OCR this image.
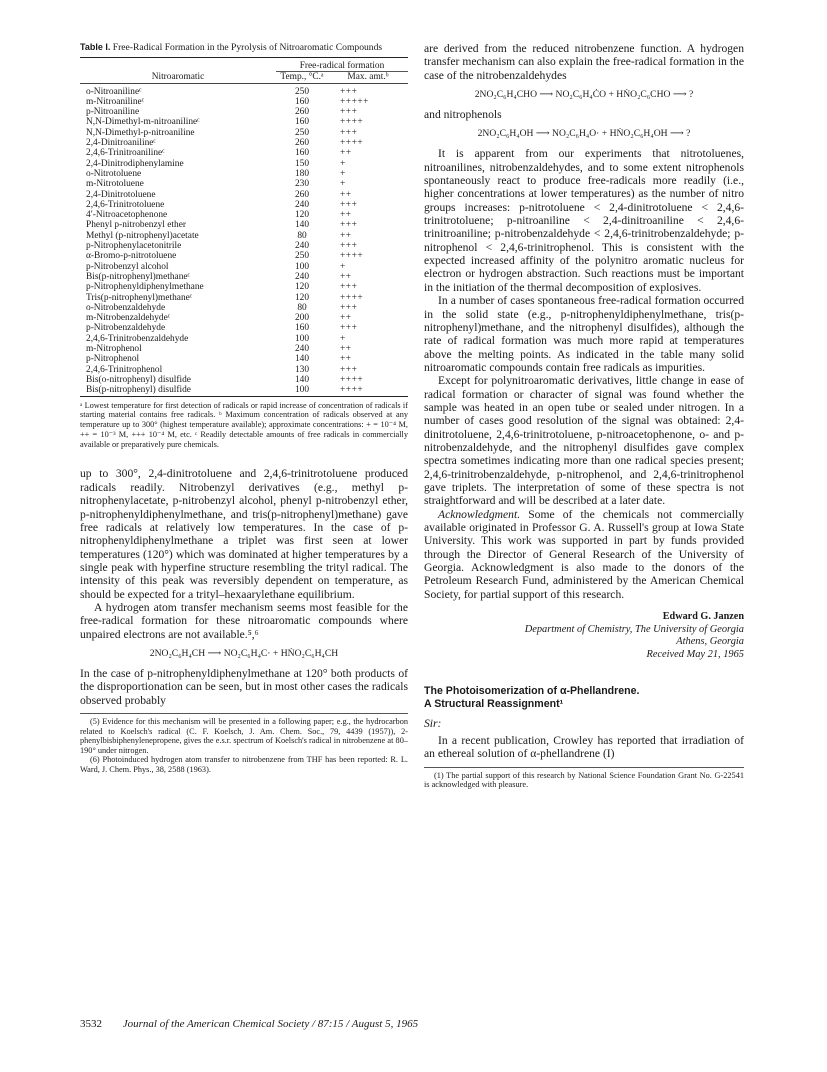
Table I. Free-Radical Formation in the Pyrolysis of Nitroaromatic Compounds

	Free-radical formation	
Nitroaromatic	Temp., °C.ᵃ	Max. amt.ᵇ

o-Nitroanilineᶜ	250	+++
m-Nitroanilineᶜ	160	+++++
p-Nitroaniline	260	+++
N,N-Dimethyl-m-nitroanilineᶜ	160	++++
N,N-Dimethyl-p-nitroaniline	250	+++
2,4-Dinitroanilineᶜ	260	++++
2,4,6-Trinitroanilineᶜ	160	++
2,4-Dinitrodiphenylamine	150	+
o-Nitrotoluene	180	+
m-Nitrotoluene	230	+
2,4-Dinitrotoluene	260	++
2,4,6-Trinitrotoluene	240	+++
4′-Nitroacetophenone	120	++
Phenyl p-nitrobenzyl ether	140	+++
Methyl (p-nitrophenyl)acetate	80	++
p-Nitrophenylacetonitrile	240	+++
α-Bromo-p-nitrotoluene	250	++++
p-Nitrobenzyl alcohol	100	+
Bis(p-nitrophenyl)methaneᶜ	240	++
p-Nitrophenyldiphenylmethane	120	+++
Tris(p-nitrophenyl)methaneᶜ	120	++++
o-Nitrobenzaldehyde	80	+++
m-Nitrobenzaldehydeᶜ	200	++
p-Nitrobenzaldehyde	160	+++
2,4,6-Trinitrobenzaldehyde	100	+
m-Nitrophenol	240	++
p-Nitrophenol	140	++
2,4,6-Trinitrophenol	130	+++
Bis(o-nitrophenyl) disulfide	140	++++
Bis(p-nitrophenyl) disulfide	100	++++

ᵃ Lowest temperature for first detection of radicals or rapid increase of concentration of radicals if starting material contains free radicals. ᵇ Maximum concentration of radicals observed at any temperature up to 300° (highest temperature available); approximate concentrations: + = 10⁻⁴ M, ++ = 10⁻³ M, +++ 10⁻⁴ M, etc. ᶜ Readily detectable amounts of free radicals in commercially available or preparatively pure chemicals.

up to 300°, 2,4-dinitrotoluene and 2,4,6-trinitrotoluene produced radicals readily. Nitrobenzyl derivatives (e.g., methyl p-nitrophenylacetate, p-nitrobenzyl alcohol, phenyl p-nitrobenzyl ether, p-nitrophenyldiphenylmethane, and tris(p-nitrophenyl)methane) gave free radicals at relatively low temperatures. In the case of p-nitrophenyldiphenylmethane a triplet was first seen at lower temperatures (120°) which was dominated at higher temperatures by a single peak with hyperfine structure resembling the trityl radical. The intensity of this peak was reversibly dependent on temperature, as should be expected for a trityl–hexaarylethane equilibrium.

A hydrogen atom transfer mechanism seems most feasible for the free-radical formation for these nitroaromatic compounds where unpaired electrons are not available.⁵,⁶

2NO₂C₆H₄CH ⟶ NO₂C₆H₄C· + HṄO₂C₆H₄CH

In the case of p-nitrophenyldiphenylmethane at 120° both products of the disproportionation can be seen, but in most other cases the radicals observed probably

(5) Evidence for this mechanism will be presented in a following paper; e.g., the hydrocarbon related to Koelsch's radical (C. F. Koelsch, J. Am. Chem. Soc., 79, 4439 (1957)), 2-phenylbisbiphenylenepropene, gives the e.s.r. spectrum of Koelsch's radical in nitrobenzene at 80–190° under nitrogen.

(6) Photoinduced hydrogen atom transfer to nitrobenzene from THF has been reported: R. L. Ward, J. Chem. Phys., 38, 2588 (1963).

are derived from the reduced nitrobenzene function. A hydrogen transfer mechanism can also explain the free-radical formation in the case of the nitrobenzaldehydes

2NO₂C₆H₄CHO ⟶ NO₂C₆H₄ĊO + HṄO₂C₆CHO ⟶ ?

and nitrophenols

2NO₂C₆H₄OH ⟶ NO₂C₆H₄O· + HṄO₂C₆H₄OH ⟶ ?

It is apparent from our experiments that nitrotoluenes, nitroanilines, nitrobenzaldehydes, and to some extent nitrophenols spontaneously react to produce free-radicals more readily (i.e., higher concentrations at lower temperatures) as the number of nitro groups increases: p-nitrotoluene < 2,4-dinitrotoluene < 2,4,6-trinitrotoluene; p-nitroaniline < 2,4-dinitroaniline < 2,4,6-trinitroaniline; p-nitrobenzaldehyde < 2,4,6-trinitrobenzaldehyde; p-nitrophenol < 2,4,6-trinitrophenol. This is consistent with the expected increased affinity of the polynitro aromatic nucleus for electron or hydrogen abstraction. Such reactions must be important in the initiation of the thermal decomposition of explosives.

In a number of cases spontaneous free-radical formation occurred in the solid state (e.g., p-nitrophenyldiphenylmethane, tris(p-nitrophenyl)methane, and the nitrophenyl disulfides), although the rate of radical formation was much more rapid at temperatures above the melting points. As indicated in the table many solid nitroaromatic compounds contain free radicals as impurities.

Except for polynitroaromatic derivatives, little change in ease of radical formation or character of signal was found whether the sample was heated in an open tube or sealed under nitrogen. In a number of cases good resolution of the signal was obtained: 2,4-dinitrotoluene, 2,4,6-trinitrotoluene, p-nitroacetophenone, o- and p-nitrobenzaldehyde, and the nitrophenyl disulfides gave complex spectra sometimes indicating more than one radical species present; 2,4,6-trinitrobenzaldehyde, p-nitrophenol, and 2,4,6-trinitrophenol gave triplets. The interpretation of some of these spectra is not straightforward and will be described at a later date.

Acknowledgment. Some of the chemicals not commercially available originated in Professor G. A. Russell's group at Iowa State University. This work was supported in part by funds provided through the Director of General Research of the University of Georgia. Acknowledgment is also made to the donors of the Petroleum Research Fund, administered by the American Chemical Society, for partial support of this research.

Edward G. Janzen
Department of Chemistry, The University of Georgia
Athens, Georgia
Received May 21, 1965
The Photoisomerization of α-Phellandrene.
A Structural Reassignment¹
Sir:

In a recent publication, Crowley has reported that irradiation of an ethereal solution of α-phellandrene (I)

(1) The partial support of this research by National Science Foundation Grant No. G-22541 is acknowledged with pleasure.

3532 Journal of the American Chemical Society / 87:15 / August 5, 1965
